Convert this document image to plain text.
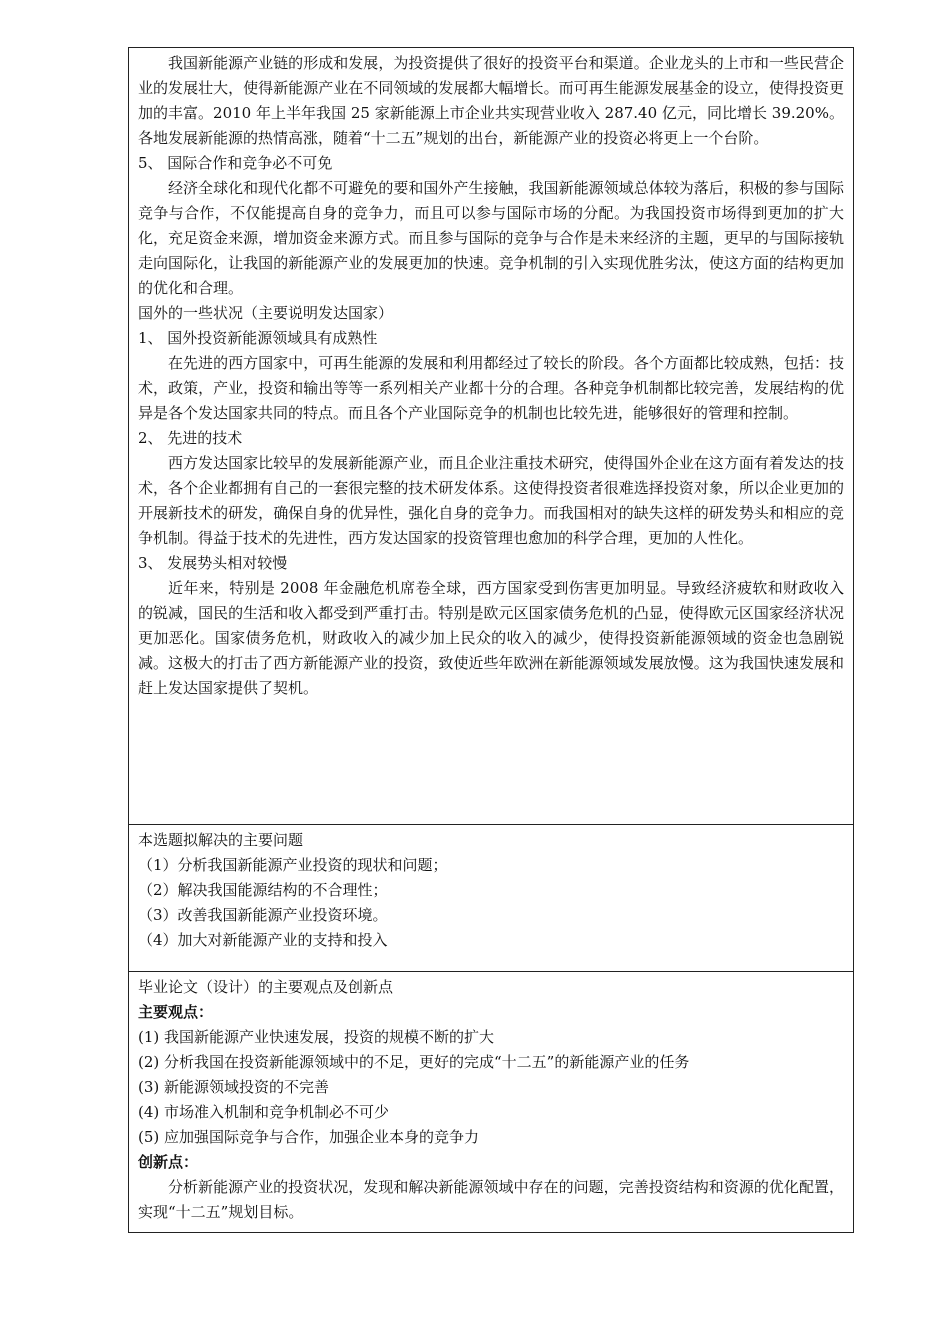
我国新能源产业链的形成和发展，为投资提供了很好的投资平台和渠道。企业龙头的上市和一些民营企业的发展壮大，使得新能源产业在不同领域的发展都大幅增长。而可再生能源发展基金的设立，使得投资更加的丰富。2010 年上半年我国 25 家新能源上市企业共实现营业收入 287.40 亿元，同比增长 39.20%。各地发展新能源的热情高涨，随着“十二五”规划的出台，新能源产业的投资必将更上一个台阶。

5、 国际合作和竞争必不可免

经济全球化和现代化都不可避免的要和国外产生接触，我国新能源领域总体较为落后，积极的参与国际竞争与合作，不仅能提高自身的竞争力，而且可以参与国际市场的分配。为我国投资市场得到更加的扩大化，充足资金来源，增加资金来源方式。而且参与国际的竞争与合作是未来经济的主题，更早的与国际接轨走向国际化，让我国的新能源产业的发展更加的快速。竞争机制的引入实现优胜劣汰，使这方面的结构更加的优化和合理。

国外的一些状况（主要说明发达国家）

1、 国外投资新能源领域具有成熟性

在先进的西方国家中，可再生能源的发展和利用都经过了较长的阶段。各个方面都比较成熟，包括：技术，政策，产业，投资和输出等等一系列相关产业都十分的合理。各种竞争机制都比较完善，发展结构的优异是各个发达国家共同的特点。而且各个产业国际竞争的机制也比较先进，能够很好的管理和控制。

2、 先进的技术

西方发达国家比较早的发展新能源产业，而且企业注重技术研究，使得国外企业在这方面有着发达的技术，各个企业都拥有自己的一套很完整的技术研发体系。这使得投资者很难选择投资对象，所以企业更加的开展新技术的研发，确保自身的优异性，强化自身的竞争力。而我国相对的缺失这样的研发势头和相应的竞争机制。得益于技术的先进性，西方发达国家的投资管理也愈加的科学合理，更加的人性化。

3、 发展势头相对较慢

近年来，特别是 2008 年金融危机席卷全球，西方国家受到伤害更加明显。导致经济疲软和财政收入的锐减，国民的生活和收入都受到严重打击。特别是欧元区国家债务危机的凸显，使得欧元区国家经济状况更加恶化。国家债务危机，财政收入的减少加上民众的收入的减少，使得投资新能源领域的资金也急剧锐减。这极大的打击了西方新能源产业的投资，致使近些年欧洲在新能源领域发展放慢。这为我国快速发展和赶上发达国家提供了契机。

本选题拟解决的主要问题

（1）分析我国新能源产业投资的现状和问题；

（2）解决我国能源结构的不合理性；

（3）改善我国新能源产业投资环境。

（4）加大对新能源产业的支持和投入

毕业论文（设计）的主要观点及创新点

主要观点：

(1) 我国新能源产业快速发展，投资的规模不断的扩大

(2) 分析我国在投资新能源领域中的不足，更好的完成“十二五”的新能源产业的任务

(3) 新能源领域投资的不完善

(4) 市场准入机制和竞争机制必不可少

(5) 应加强国际竞争与合作，加强企业本身的竞争力

创新点：

分析新能源产业的投资状况，发现和解决新能源领域中存在的问题，完善投资结构和资源的优化配置，实现“十二五”规划目标。
